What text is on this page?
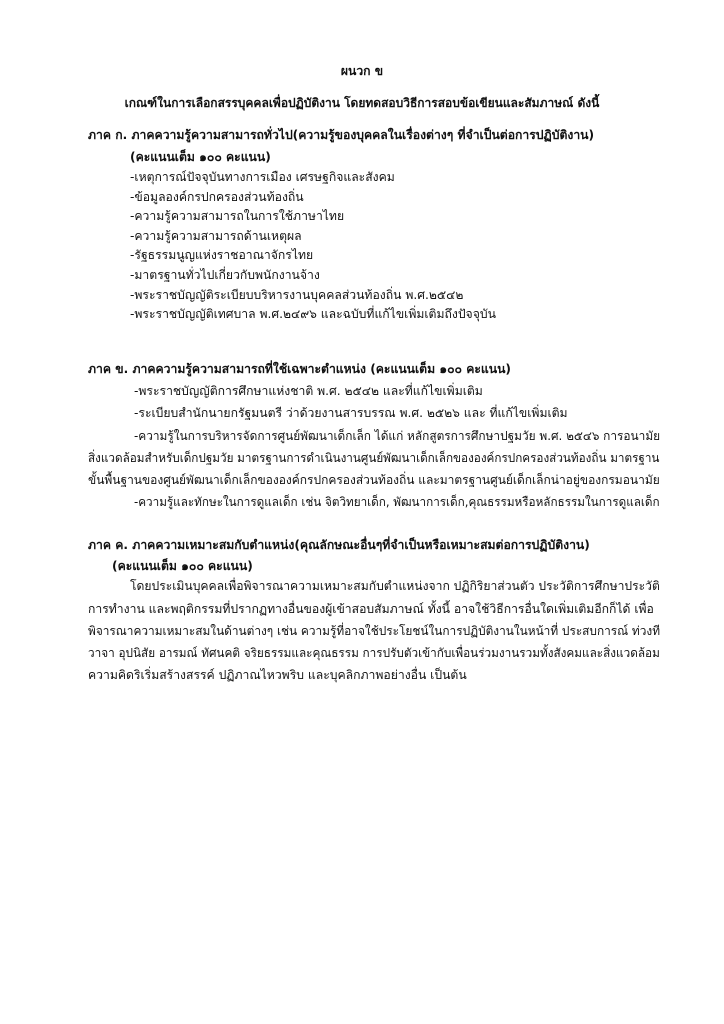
ผนวก ข
เกณฑ์ในการเลือกสรรบุคคลเพื่อปฏิบัติงาน โดยทดสอบวิธีการสอบข้อเขียนและสัมภาษณ์ ดังนี้
ภาค ก. ภาคความรู้ความสามารถทั่วไป(ความรู้ของบุคคลในเรื่องต่างๆ ที่จำเป็นต่อการปฏิบัติงาน)
(คะแนนเต็ม ๑๐๐ คะแนน)
-เหตุการณ์ปัจจุบันทางการเมือง เศรษฐกิจและสังคม
-ข้อมูลองค์กรปกครองส่วนท้องถิ่น
-ความรู้ความสามารถในการใช้ภาษาไทย
-ความรู้ความสามารถด้านเหตุผล
-รัฐธรรมนูญแห่งราชอาณาจักรไทย
-มาตรฐานทั่วไปเกี่ยวกับพนักงานจ้าง
-พระราชบัญญัติระเบียบบริหารงานบุคคลส่วนท้องถิ่น พ.ศ.๒๕๔๒
-พระราชบัญญัติเทศบาล พ.ศ.๒๔๙๖ และฉบับที่แก้ไขเพิ่มเติมถึงปัจจุบัน
ภาค ข. ภาคความรู้ความสามารถที่ใช้เฉพาะตำแหน่ง (คะแนนเต็ม ๑๐๐ คะแนน)
-พระราชบัญญัติการศึกษาแห่งชาติ พ.ศ. ๒๕๔๒ และที่แก้ไขเพิ่มเติม
-ระเบียบสำนักนายกรัฐมนตรี ว่าด้วยงานสารบรรณ พ.ศ. ๒๕๒๖ และ ที่แก้ไขเพิ่มเติม
-ความรู้ในการบริหารจัดการศูนย์พัฒนาเด็กเล็ก ได้แก่ หลักสูตรการศึกษาปฐมวัย พ.ศ. ๒๕๔๖ การอนามัย
สิ่งแวดล้อมสำหรับเด็กปฐมวัย มาตรฐานการดำเนินงานศูนย์พัฒนาเด็กเล็กขององค์กรปกครองส่วนท้องถิ่น มาตรฐาน
ขั้นพื้นฐานของศูนย์พัฒนาเด็กเล็กขององค์กรปกครองส่วนท้องถิ่น และมาตรฐานศูนย์เด็กเล็กน่าอยู่ของกรมอนามัย
-ความรู้และทักษะในการดูแลเด็ก เช่น จิตวิทยาเด็ก, พัฒนาการเด็ก,คุณธรรมหรือหลักธรรมในการดูแลเด็ก
ภาค ค. ภาคความเหมาะสมกับตำแหน่ง(คุณลักษณะอื่นๆที่จำเป็นหรือเหมาะสมต่อการปฏิบัติงาน)
(คะแนนเต็ม ๑๐๐ คะแนน)
โดยประเมินบุคคลเพื่อพิจารณาความเหมาะสมกับตำแหน่งจาก ปฏิกิริยาส่วนตัว ประวัติการศึกษาประวัติ
การทำงาน และพฤติกรรมที่ปรากฏทางอื่นของผู้เข้าสอบสัมภาษณ์ ทั้งนี้ อาจใช้วิธีการอื่นใดเพิ่มเติมอีกก็ได้ เพื่อ
พิจารณาความเหมาะสมในด้านต่างๆ เช่น ความรู้ที่อาจใช้ประโยชน์ในการปฏิบัติงานในหน้าที่ ประสบการณ์ ท่วงที
วาจา อุปนิสัย อารมณ์ ทัศนคติ จริยธรรมและคุณธรรม การปรับตัวเข้ากับเพื่อนร่วมงานรวมทั้งสังคมและสิ่งแวดล้อม
ความคิดริเริ่มสร้างสรรค์ ปฏิภาณไหวพริบ และบุคลิกภาพอย่างอื่น เป็นต้น
